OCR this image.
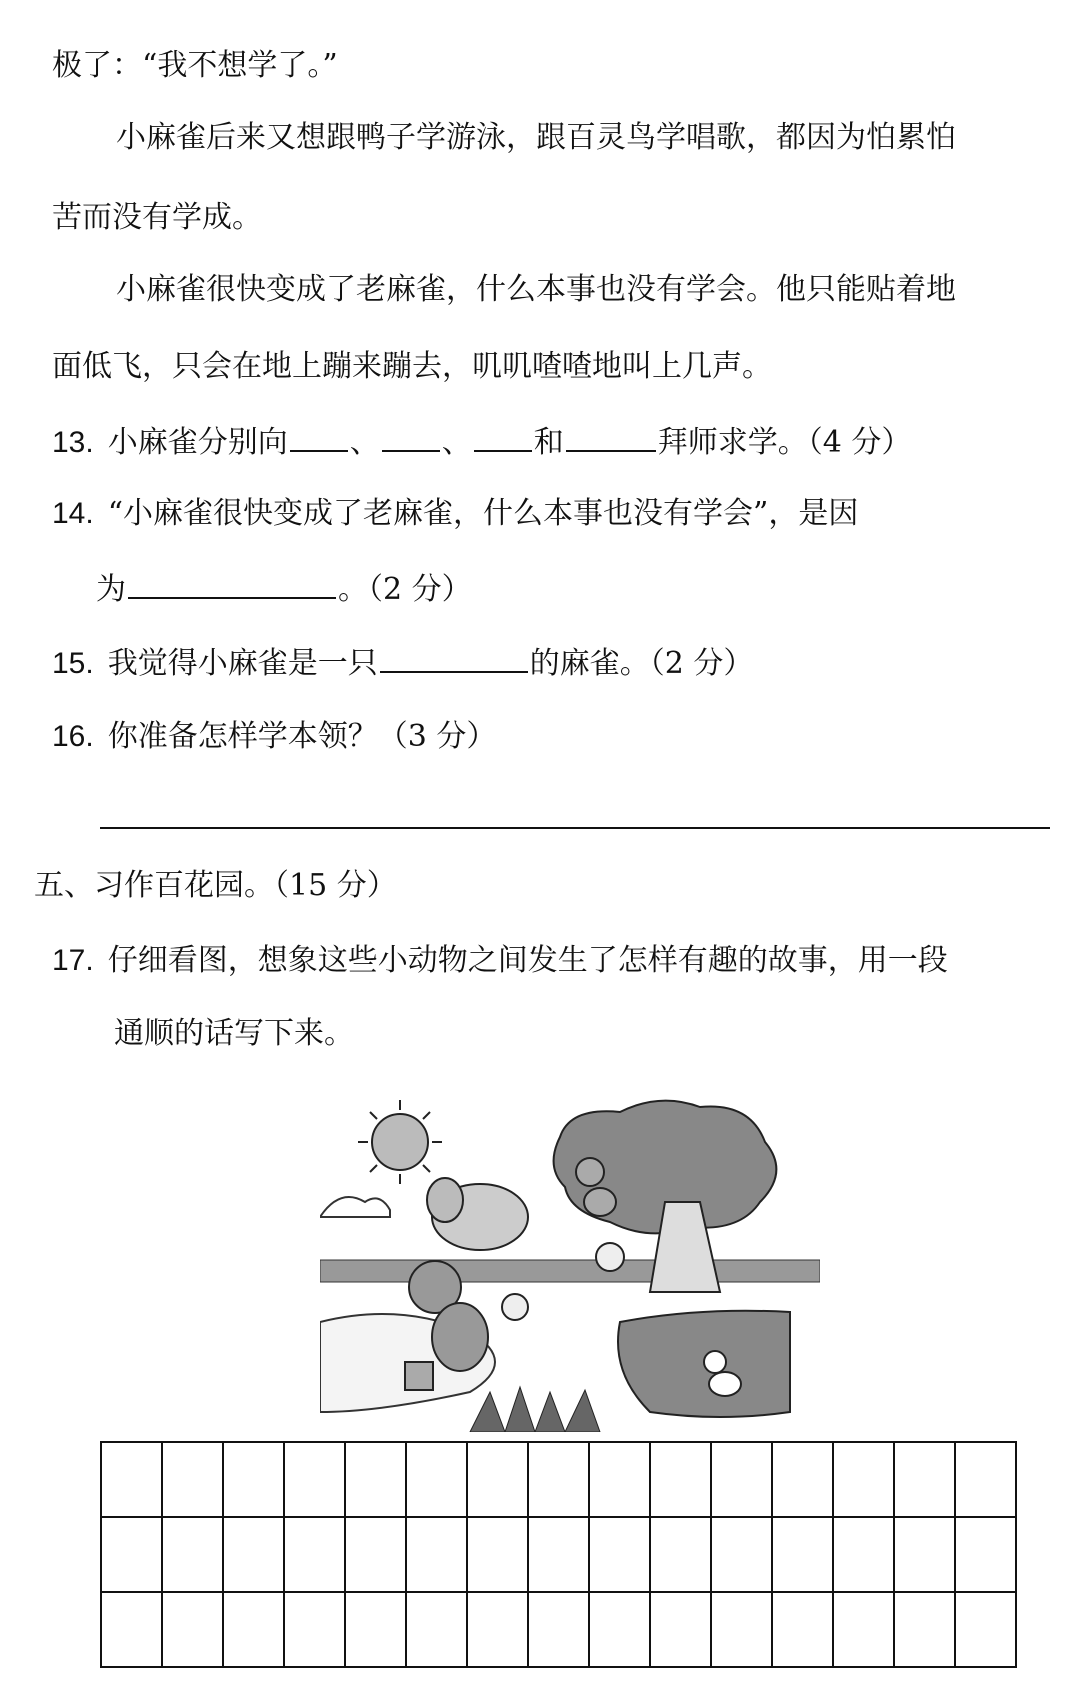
极了：“我不想学了。”
小麻雀后来又想跟鸭子学游泳，跟百灵鸟学唱歌，都因为怕累怕
苦而没有学成。
小麻雀很快变成了老麻雀，什么本事也没有学会。他只能贴着地
面低飞，只会在地上蹦来蹦去，叽叽喳喳地叫上几声。
13. 小麻雀分别向 、 、 和	拜师求学。（4 分）
14. “小麻雀很快变成了老麻雀，什么本事也没有学会”，是因
为	。（2 分）
15. 我觉得小麻雀是一只	的麻雀。（2 分）
16. 你准备怎样学本领？（3 分）
五、习作百花园。（15 分）
17. 仔细看图，想象这些小动物之间发生了怎样有趣的故事，用一段
通顺的话写下来。
